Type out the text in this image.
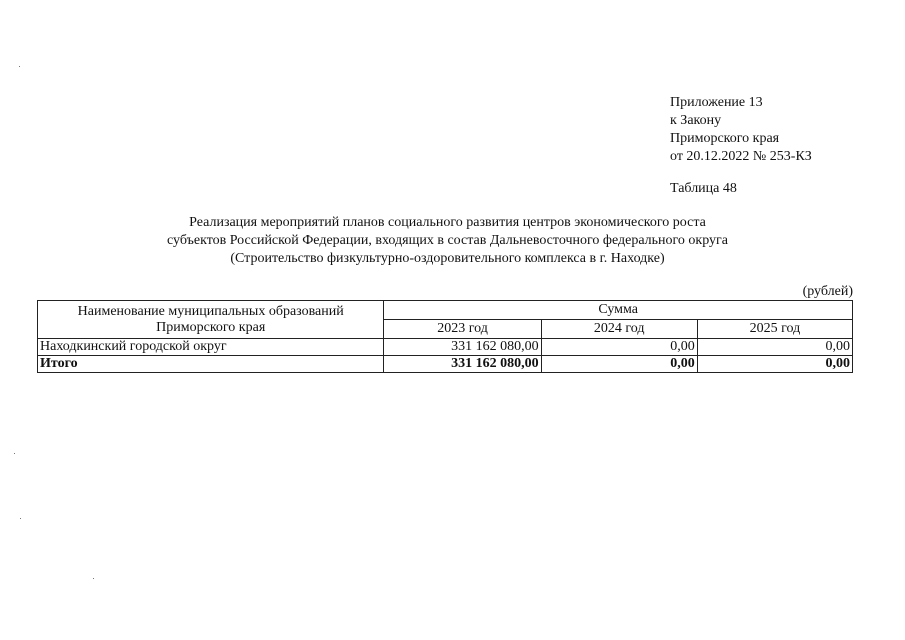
Приложение 13
к Закону
Приморского края
от 20.12.2022 № 253-КЗ
Таблица 48
Реализация мероприятий планов социального развития центров экономического роста
субъектов Российской Федерации, входящих в состав Дальневосточного федерального округа
(Строительство физкультурно-оздоровительного комплекса в г. Находке)
(рублей)
Наименование муниципальных образований
Приморского края	Сумма		
	2023 год	2024 год	2025 год
Находкинский городской округ	331 162 080,00	0,00	0,00
Итого	331 162 080,00	0,00	0,00
